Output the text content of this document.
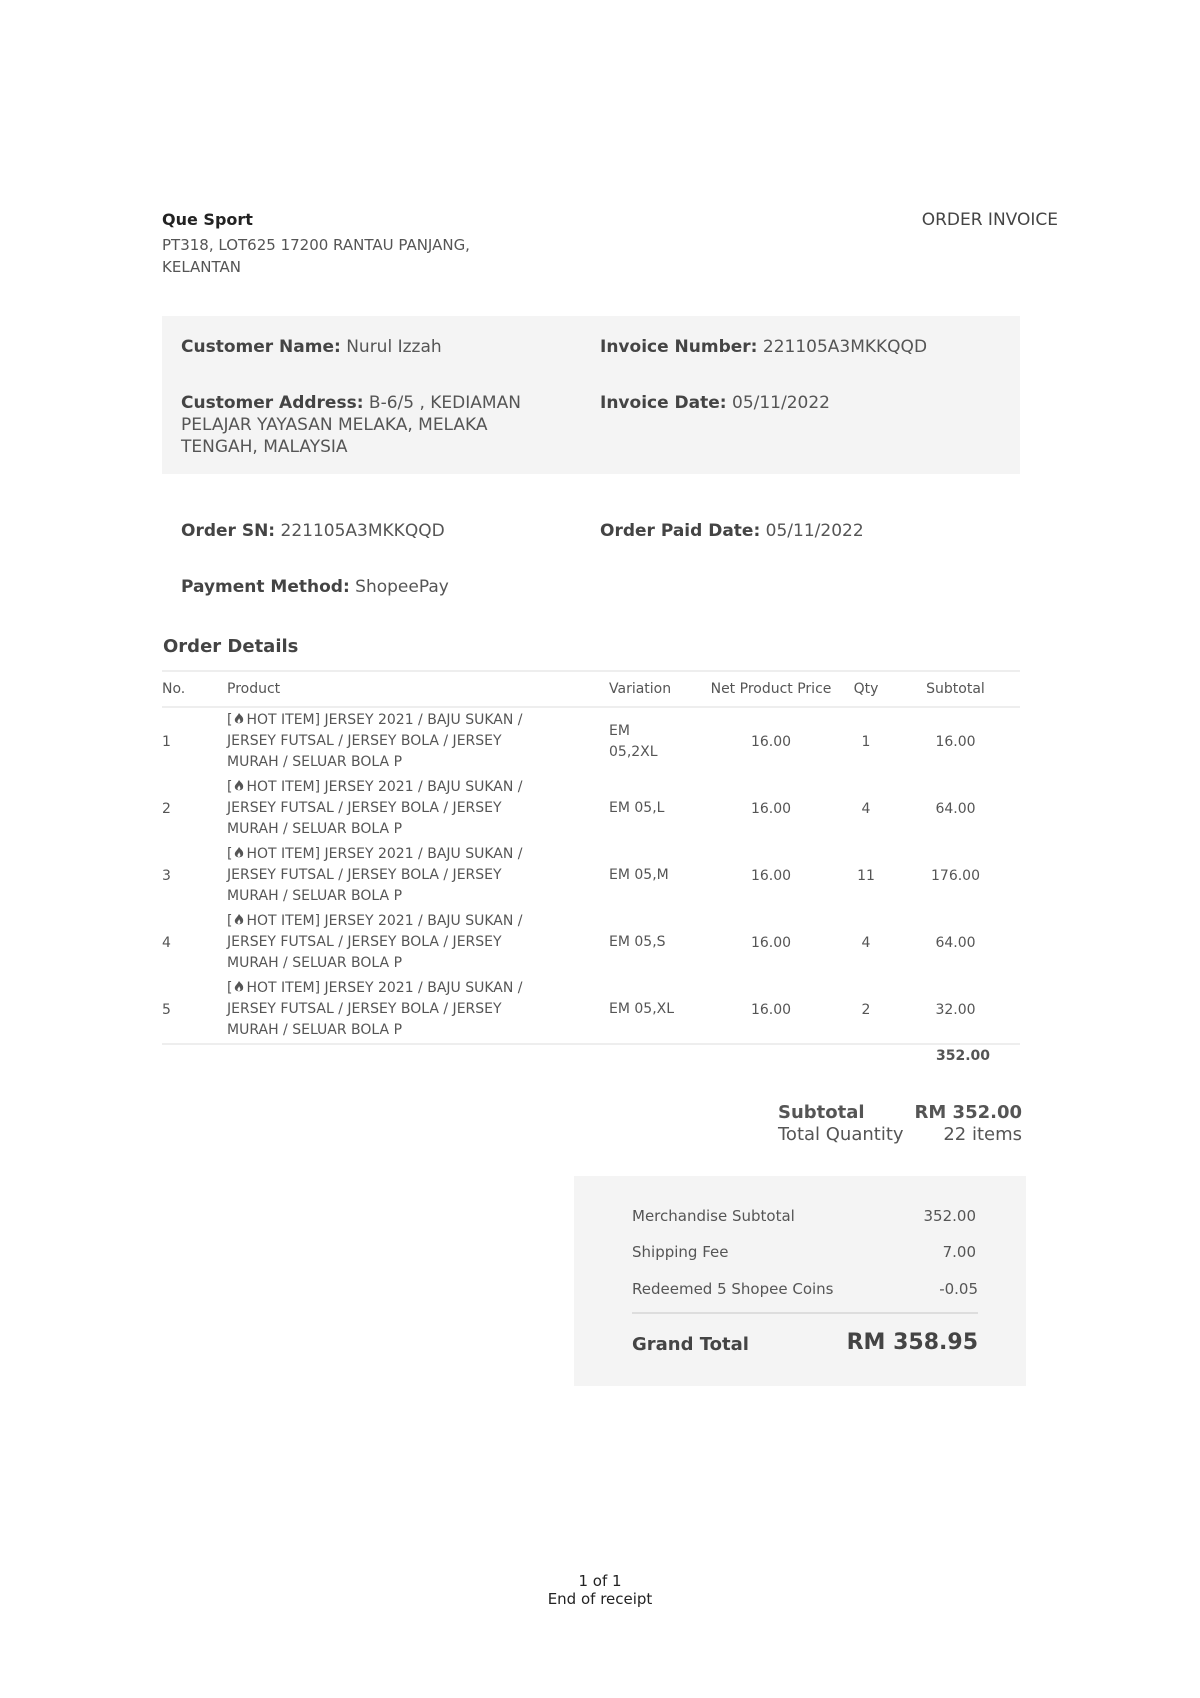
Que Sport
PT318, LOT625 17200 RANTAU PANJANG, KELANTAN
ORDER INVOICE
Customer Name: Nurul Izzah	Invoice Number: 221105A3MKKQQD
Customer Address: B-6/5 , KEDIAMAN PELAJAR YAYASAN MELAKA, MELAKA TENGAH, MALAYSIA
Invoice Date: 05/11/2022
Order SN: 221105A3MKKQQD	Order Paid Date: 05/11/2022
Payment Method: ShopeePay
Order Details
No.	Product	Variation	Net Product Price	Qty	Subtotal
1	[ HOT ITEM] JERSEY 2021 / BAJU SUKAN / JERSEY FUTSAL / JERSEY BOLA / JERSEY MURAH / SELUAR BOLA P	EM 05,2XL	16.00	1	16.00
2	[ HOT ITEM] JERSEY 2021 / BAJU SUKAN / JERSEY FUTSAL / JERSEY BOLA / JERSEY MURAH / SELUAR BOLA P	EM 05,L	16.00	4	64.00
3	[ HOT ITEM] JERSEY 2021 / BAJU SUKAN / JERSEY FUTSAL / JERSEY BOLA / JERSEY MURAH / SELUAR BOLA P	EM 05,M	16.00	11	176.00
4	[ HOT ITEM] JERSEY 2021 / BAJU SUKAN / JERSEY FUTSAL / JERSEY BOLA / JERSEY MURAH / SELUAR BOLA P	EM 05,S	16.00	4	64.00
5	[ HOT ITEM] JERSEY 2021 / BAJU SUKAN / JERSEY FUTSAL / JERSEY BOLA / JERSEY MURAH / SELUAR BOLA P	EM 05,XL	16.00	2	32.00
352.00
Subtotal	RM 352.00
Total Quantity 22 items
Merchandise Subtotal	352.00
Shipping Fee	7.00
Redeemed 5 Shopee Coins	-0.05
Grand Total	RM 358.95
1 of 1
End of receipt
